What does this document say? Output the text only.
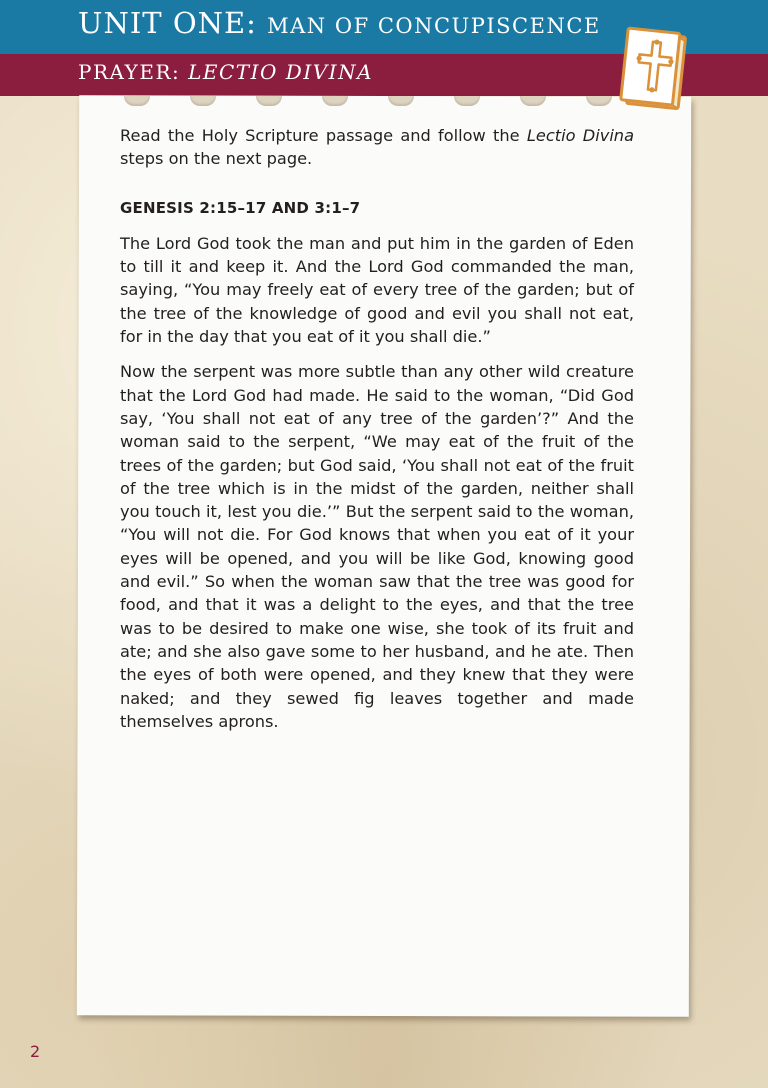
UNIT ONE: MAN OF CONCUPISCENCE
PRAYER: LECTIO DIVINA

Read the Holy Scripture passage and follow the Lectio Divina steps on the next page.

GENESIS 2:15–17 AND 3:1–7

The Lord God took the man and put him in the garden of Eden to till it and keep it. And the Lord God commanded the man, saying, “You may freely eat of every tree of the garden; but of the tree of the knowledge of good and evil you shall not eat, for in the day that you eat of it you shall die.”

Now the serpent was more subtle than any other wild creature that the Lord God had made. He said to the woman, “Did God say, ‘You shall not eat of any tree of the garden’?” And the woman said to the serpent, “We may eat of the fruit of the trees of the garden; but God said, ‘You shall not eat of the fruit of the tree which is in the midst of the garden, neither shall you touch it, lest you die.’” But the serpent said to the woman, “You will not die. For God knows that when you eat of it your eyes will be opened, and you will be like God, knowing good and evil.” So when the woman saw that the tree was good for food, and that it was a delight to the eyes, and that the tree was to be desired to make one wise, she took of its fruit and ate; and she also gave some to her husband, and he ate. Then the eyes of both were opened, and they knew that they were naked; and they sewed fig leaves together and made themselves aprons.

2
